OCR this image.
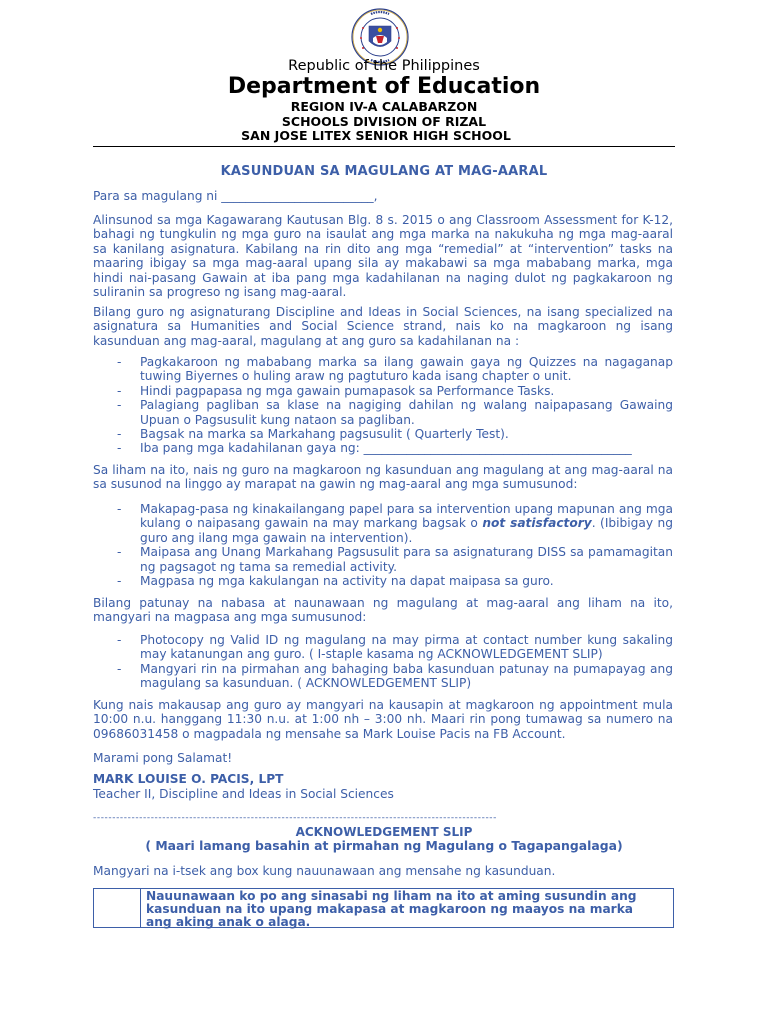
Republic of the Philippines
Department of Education
REGION IV-A CALABARZON
SCHOOLS DIVISION OF RIZAL
SAN JOSE LITEX SENIOR HIGH SCHOOL
KASUNDUAN SA MAGULANG AT MAG-AARAL
Para sa magulang ni _________________________,

Alinsunod sa mga Kagawarang Kautusan Blg. 8 s. 2015 o ang Classroom Assessment for K-12, bahagi ng tungkulin ng mga guro na isaulat ang mga marka na nakukuha ng mga mag-aaral sa kanilang asignatura. Kabilang na rin dito ang mga “remedial” at “intervention” tasks na maaring ibigay sa mga mag-aaral upang sila ay makabawi sa mga mababang marka, mga hindi nai-pasang Gawain at iba pang mga kadahilanan na naging dulot ng pagkakaroon ng suliranin sa progreso ng isang mag-aaral.

Bilang guro ng asignaturang Discipline and Ideas in Social Sciences, na isang specialized na asignatura sa Humanities and Social Science strand, nais ko na magkaroon ng isang kasunduan ang mag-aaral, magulang at ang guro sa kadahilanan na :

- Pagkakaroon ng mababang marka sa ilang gawain gaya ng Quizzes na nagaganap tuwing Biyernes o huling araw ng pagtuturo kada isang chapter o unit.
- Hindi pagpapasa ng mga gawain pumapasok sa Performance Tasks.
- Palagiang pagliban sa klase na nagiging dahilan ng walang naipapasang Gawaing Upuan o Pagsusulit kung nataon sa pagliban.
- Bagsak na marka sa Markahang pagsusulit ( Quarterly Test).
- Iba pang mga kadahilanan gaya ng: ____________________________________________

Sa liham na ito, nais ng guro na magkaroon ng kasunduan ang magulang at ang mag-aaral na sa susunod na linggo ay marapat na gawin ng mag-aaral ang mga sumusunod:

- Makapag-pasa ng kinakailangang papel para sa intervention upang mapunan ang mga kulang o naipasang gawain na may markang bagsak o not satisfactory. (Ibibigay ng guro ang ilang mga gawain na intervention).
- Maipasa ang Unang Markahang Pagsusulit para sa asignaturang DISS sa pamamagitan ng pagsagot ng tama sa remedial activity.
- Magpasa ng mga kakulangan na activity na dapat maipasa sa guro.

Bilang patunay na nabasa at naunawaan ng magulang at mag-aaral ang liham na ito, mangyari na magpasa ang mga sumusunod:

- Photocopy ng Valid ID ng magulang na may pirma at contact number kung sakaling may katanungan ang guro. ( I-staple kasama ng ACKNOWLEDGEMENT SLIP)
- Mangyari rin na pirmahan ang bahaging baba kasunduan patunay na pumapayag ang magulang sa kasunduan. ( ACKNOWLEDGEMENT SLIP)

Kung nais makausap ang guro ay mangyari na kausapin at magkaroon ng appointment mula 10:00 n.u. hanggang 11:30 n.u. at 1:00 nh – 3:00 nh. Maari rin pong tumawag sa numero na 09686031458 o magpadala ng mensahe sa Mark Louise Pacis na FB Account.

Marami pong Salamat!
MARK LOUISE O. PACIS, LPT
Teacher II, Discipline and Ideas in Social Sciences
---------------------------------------------------------------------------------------------------------
ACKNOWLEDGEMENT SLIP
( Maari lamang basahin at pirmahan ng Magulang o Tagapangalaga)
Mangyari na i-tsek ang box kung nauunawaan ang mensahe ng kasunduan.
Nauunawaan ko po ang sinasabi ng liham na ito at aming susundin ang kasunduan na ito upang makapasa at magkaroon ng maayos na marka ang aking anak o alaga.
